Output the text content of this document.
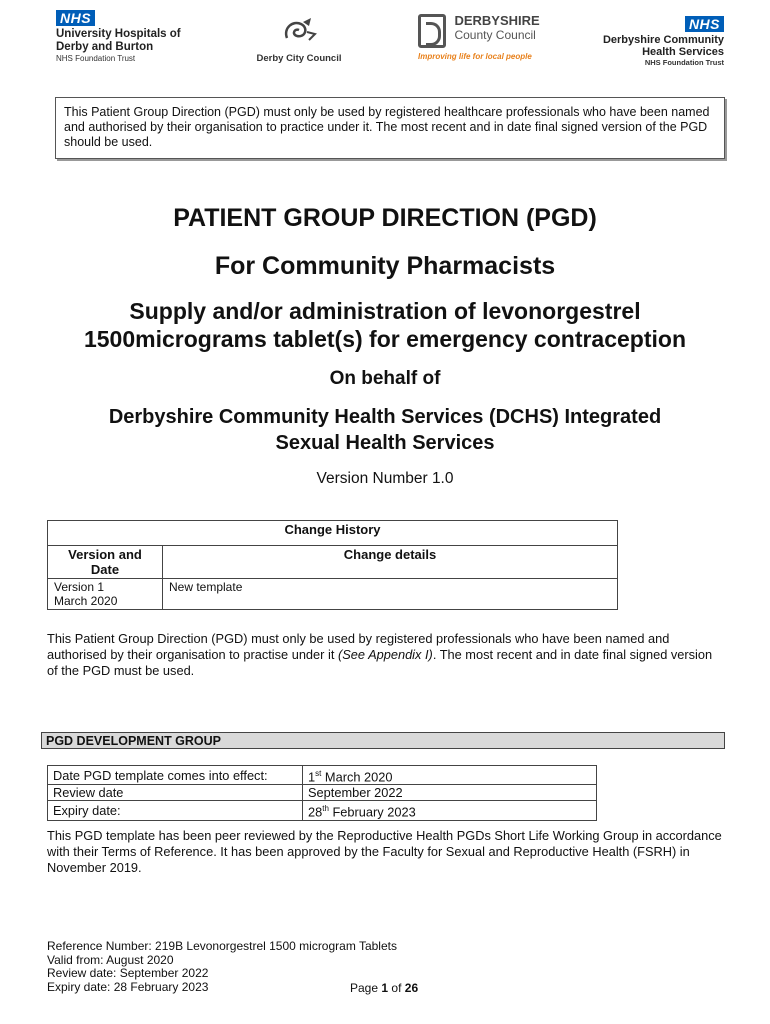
NHS
University Hospitals of
Derby and Burton
NHS Foundation Trust	Derby City Council

DERBYSHIRE
County Council
Improving life for local people
NHS
Derbyshire Community
Health Services
NHS Foundation Trust
This Patient Group Direction (PGD) must only be used by registered healthcare professionals who have been named and authorised by their organisation to practice under it. The most recent and in date final signed version of the PGD should be used.
PATIENT GROUP DIRECTION (PGD)
For Community Pharmacists
Supply and/or administration of levonorgestrel
1500micrograms tablet(s) for emergency contraception
On behalf of
Derbyshire Community Health Services (DCHS) Integrated
Sexual Health Services
Version Number 1.0
Change History	
Version and Date	Change details

Version 1
March 2020	New template
This Patient Group Direction (PGD) must only be used by registered professionals who have been named and authorised by their organisation to practise under it (See Appendix I). The most recent and in date final signed version of the PGD must be used.
PGD DEVELOPMENT GROUP
Date PGD template comes into effect:	1st March 2020
Review date	September 2022
Expiry date:	28th February 2023
This PGD template has been peer reviewed by the Reproductive Health PGDs Short Life Working Group in accordance with their Terms of Reference. It has been approved by the Faculty for Sexual and Reproductive Health (FSRH) in November 2019.
Reference Number: 219B Levonorgestrel 1500 microgram Tablets
Valid from: August 2020
Review date: September 2022
Expiry date: 28 February 2023	Page 1 of 26
